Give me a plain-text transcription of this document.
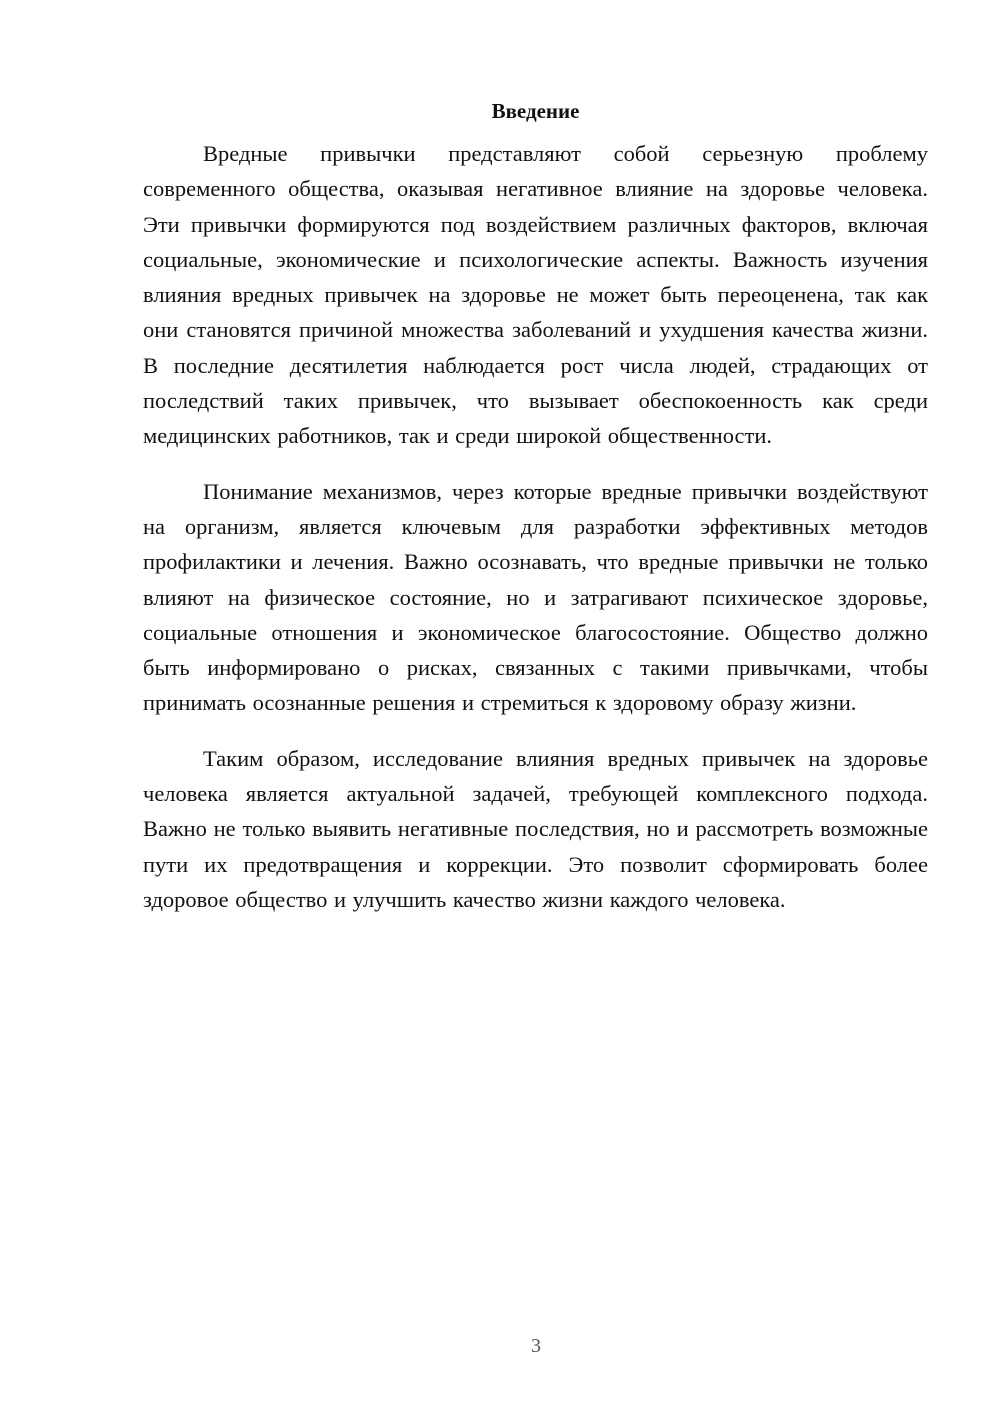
Введение

Вредные привычки представляют собой серьезную проблему современного общества, оказывая негативное влияние на здоровье человека. Эти привычки формируются под воздействием различных факторов, включая социальные, экономические и психологические аспекты. Важность изучения влияния вредных привычек на здоровье не может быть переоценена, так как они становятся причиной множества заболеваний и ухудшения качества жизни. В последние десятилетия наблюдается рост числа людей, страдающих от последствий таких привычек, что вызывает обеспокоенность как среди медицинских работников, так и среди широкой общественности.

Понимание механизмов, через которые вредные привычки воздействуют на организм, является ключевым для разработки эффективных методов профилактики и лечения. Важно осознавать, что вредные привычки не только влияют на физическое состояние, но и затрагивают психическое здоровье, социальные отношения и экономическое благосостояние. Общество должно быть информировано о рисках, связанных с такими привычками, чтобы принимать осознанные решения и стремиться к здоровому образу жизни.

Таким образом, исследование влияния вредных привычек на здоровье человека является актуальной задачей, требующей комплексного подхода. Важно не только выявить негативные последствия, но и рассмотреть возможные пути их предотвращения и коррекции. Это позволит сформировать более здоровое общество и улучшить качество жизни каждого человека.

3
